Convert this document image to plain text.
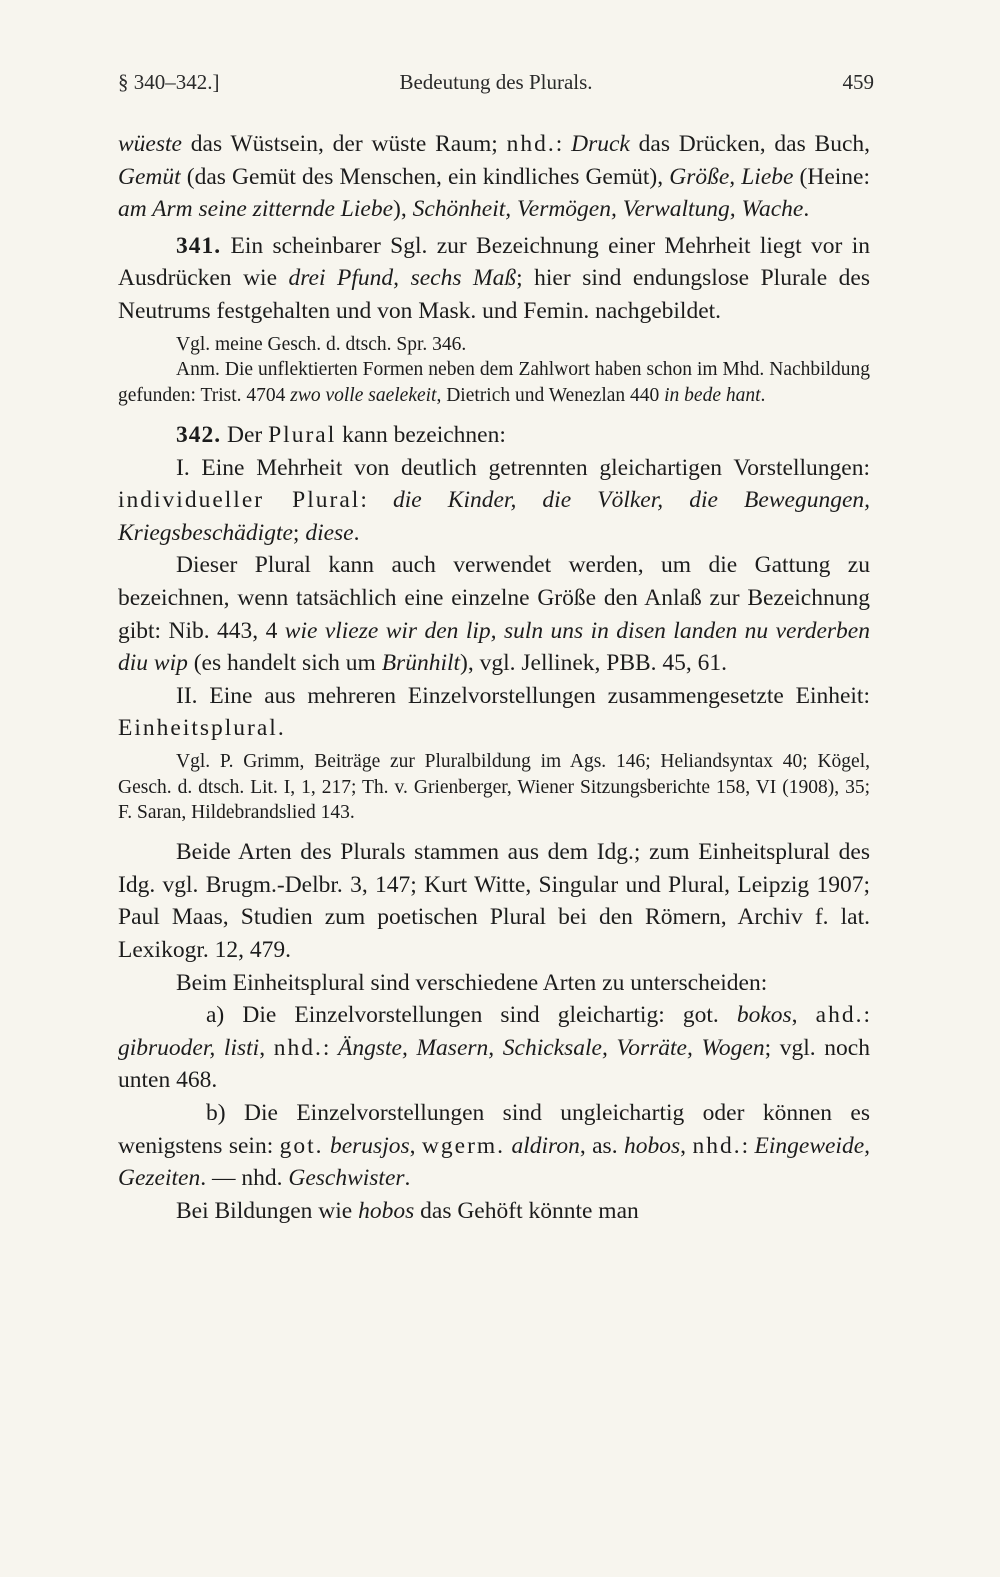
§ 340–342.]	Bedeutung des Plurals.	459

wüeste das Wüstsein, der wüste Raum; nhd.: Druck das Drücken, das Buch, Gemüt (das Gemüt des Menschen, ein kindliches Gemüt), Größe, Liebe (Heine: am Arm seine zitternde Liebe), Schönheit, Vermögen, Verwaltung, Wache.

341. Ein scheinbarer Sgl. zur Bezeichnung einer Mehrheit liegt vor in Ausdrücken wie drei Pfund, sechs Maß; hier sind endungslose Plurale des Neutrums festgehalten und von Mask. und Femin. nachgebildet.

Vgl. meine Gesch. d. dtsch. Spr. 346.

Anm. Die unflektierten Formen neben dem Zahlwort haben schon im Mhd. Nachbildung gefunden: Trist. 4704 zwo volle saelekeit, Dietrich und Wenezlan 440 in bede hant.

342. Der Plural kann bezeichnen:

I. Eine Mehrheit von deutlich getrennten gleichartigen Vorstellungen: individueller Plural: die Kinder, die Völker, die Bewegungen, Kriegsbeschädigte; diese.

Dieser Plural kann auch verwendet werden, um die Gattung zu bezeichnen, wenn tatsächlich eine einzelne Größe den Anlaß zur Bezeichnung gibt: Nib. 443, 4 wie vlieze wir den lip, suln uns in disen landen nu verderben diu wip (es handelt sich um Brünhilt), vgl. Jellinek, PBB. 45, 61.

II. Eine aus mehreren Einzelvorstellungen zusammengesetzte Einheit: Einheitsplural.

Vgl. P. Grimm, Beiträge zur Pluralbildung im Ags. 146; Heliandsyntax 40; Kögel, Gesch. d. dtsch. Lit. I, 1, 217; Th. v. Grienberger, Wiener Sitzungsberichte 158, VI (1908), 35; F. Saran, Hildebrandslied 143.

Beide Arten des Plurals stammen aus dem Idg.; zum Einheitsplural des Idg. vgl. Brugm.-Delbr. 3, 147; Kurt Witte, Singular und Plural, Leipzig 1907; Paul Maas, Studien zum poetischen Plural bei den Römern, Archiv f. lat. Lexikogr. 12, 479.

Beim Einheitsplural sind verschiedene Arten zu unterscheiden:

a) Die Einzelvorstellungen sind gleichartig: got. bokos, ahd.: gibruoder, listi, nhd.: Ängste, Masern, Schicksale, Vorräte, Wogen; vgl. noch unten 468.

b) Die Einzelvorstellungen sind ungleichartig oder können es wenigstens sein: got. berusjos, wgerm. aldiron, as. hobos, nhd.: Eingeweide, Gezeiten. — nhd. Geschwister.

Bei Bildungen wie hobos das Gehöft könnte man
